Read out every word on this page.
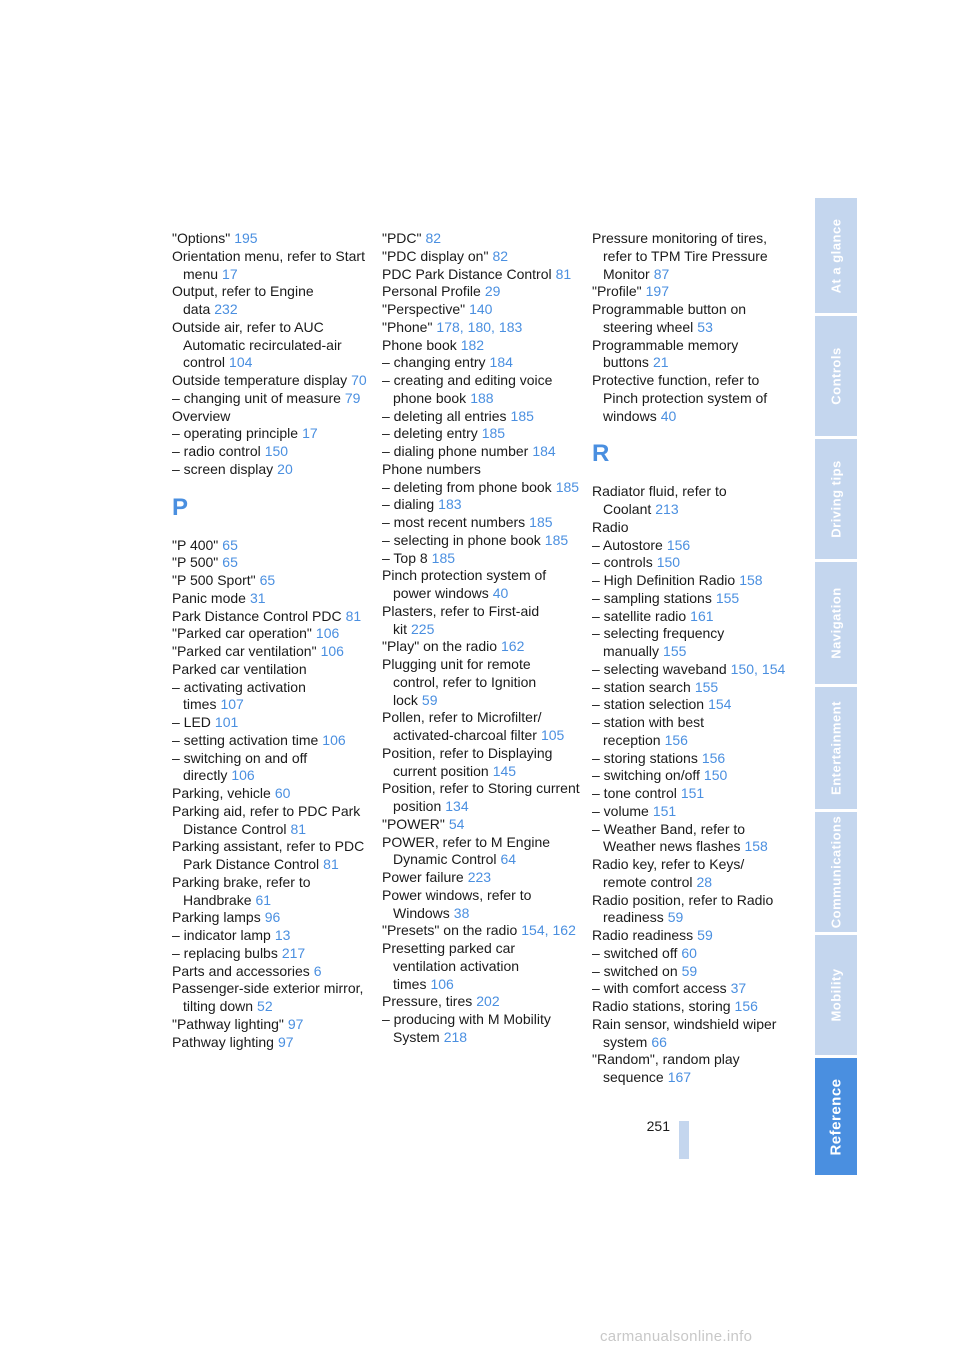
"Options" 195
Orientation menu, refer to Start menu 17
Output, refer to Engine data 232
Outside air, refer to AUC Automatic recirculated-air control 104
Outside temperature display 70
– changing unit of measure 79
Overview
– operating principle 17
– radio control 150
– screen display 20
P
"P 400" 65
"P 500" 65
"P 500 Sport" 65
Panic mode 31
Park Distance Control PDC 81
"Parked car operation" 106
"Parked car ventilation" 106
Parked car ventilation
– activating activation times 107
– LED 101
– setting activation time 106
– switching on and off directly 106
Parking, vehicle 60
Parking aid, refer to PDC Park Distance Control 81
Parking assistant, refer to PDC Park Distance Control 81
Parking brake, refer to Handbrake 61
Parking lamps 96
– indicator lamp 13
– replacing bulbs 217
Parts and accessories 6
Passenger-side exterior mirror, tilting down 52
"Pathway lighting" 97
Pathway lighting 97
"PDC" 82
"PDC display on" 82
PDC Park Distance Control 81
Personal Profile 29
"Perspective" 140
"Phone" 178, 180, 183
Phone book 182
– changing entry 184
– creating and editing voice phone book 188
– deleting all entries 185
– deleting entry 185
– dialing phone number 184
Phone numbers
– deleting from phone book 185
– dialing 183
– most recent numbers 185
– selecting in phone book 185
– Top 8 185
Pinch protection system of power windows 40
Plasters, refer to First-aid kit 225
"Play" on the radio 162
Plugging unit for remote control, refer to Ignition lock 59
Pollen, refer to Microfilter/ activated-charcoal filter 105
Position, refer to Displaying current position 145
Position, refer to Storing current position 134
"POWER" 54
POWER, refer to M Engine Dynamic Control 64
Power failure 223
Power windows, refer to Windows 38
"Presets" on the radio 154, 162
Presetting parked car ventilation activation times 106
Pressure, tires 202
– producing with M Mobility System 218
Pressure monitoring of tires, refer to TPM Tire Pressure Monitor 87
"Profile" 197
Programmable button on steering wheel 53
Programmable memory buttons 21
Protective function, refer to Pinch protection system of windows 40
R
Radiator fluid, refer to Coolant 213
Radio
– Autostore 156
– controls 150
– High Definition Radio 158
– sampling stations 155
– satellite radio 161
– selecting frequency manually 155
– selecting waveband 150, 154
– station search 155
– station selection 154
– station with best reception 156
– storing stations 156
– switching on/off 150
– tone control 151
– volume 151
– Weather Band, refer to Weather news flashes 158
Radio key, refer to Keys/ remote control 28
Radio position, refer to Radio readiness 59
Radio readiness 59
– switched off 60
– switched on 59
– with comfort access 37
Radio stations, storing 156
Rain sensor, windshield wiper system 66
"Random", random play sequence 167
251
At a glance
Controls
Driving tips
Navigation
Entertainment
Communications
Mobility
Reference
carmanualsonline.info
